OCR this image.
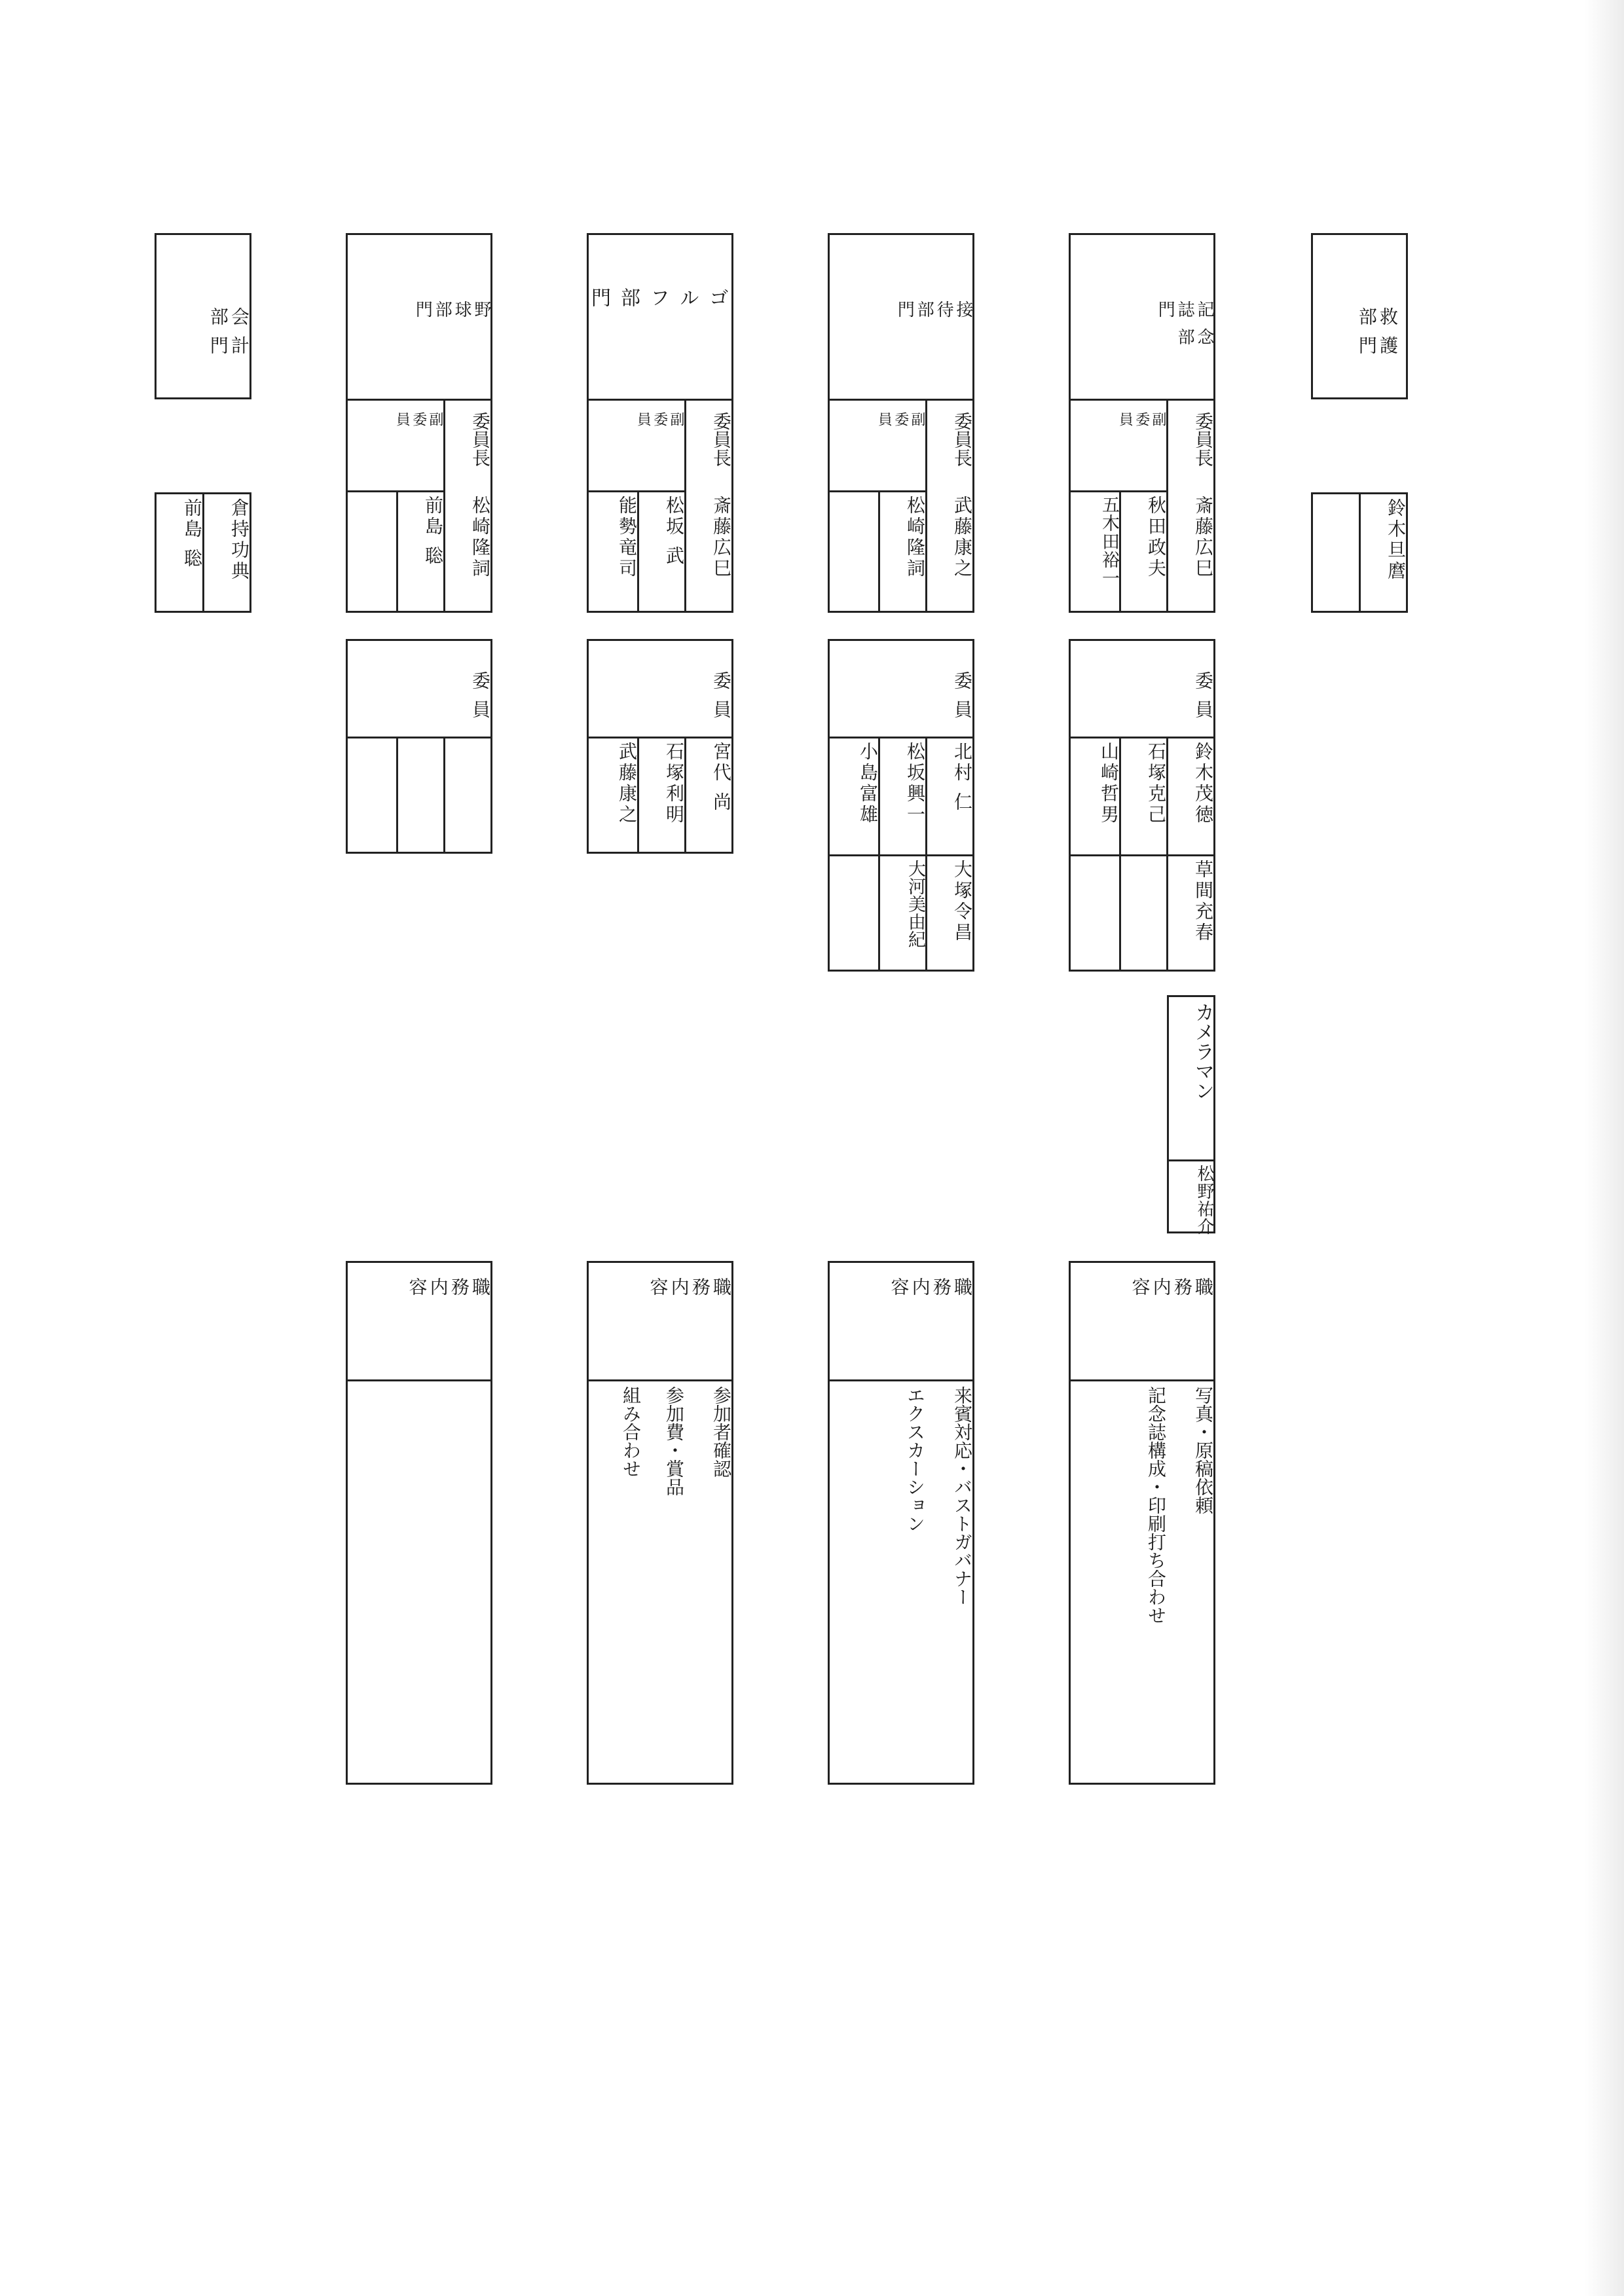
救護
部門
鈴木旦麿
記念
誌部
門
委員長
斎藤広巳
副
委
員
秋田政夫
五木田裕一
委員
鈴木茂徳
草間充春
石塚克己
山崎哲男
カメラマン
松野祐介
職
務
内
容
写真・原稿依頼
記念誌構成・印刷打ち合わせ
接
待
部
門
委員長
武藤康之
副
委
員
松崎隆詞
委員
北村 仁
大塚令昌
松坂興一
大河美由紀
小島富雄
職
務
内
容
来賓対応・バストガバナー
エクスカーション
ゴ
ル
フ
部
門
委員長
斎藤広巳
副
委
員
松坂 武
能勢竜司
委員
宮代 尚
石塚利明
武藤康之
職
務
内
容
参加者確認
参加費・賞品
組み合わせ
野
球
部
門
委員長
松崎隆詞
副
委
員
前島 聡
委員
職
務
内
容
会計
部門
倉持功典
前島 聡
